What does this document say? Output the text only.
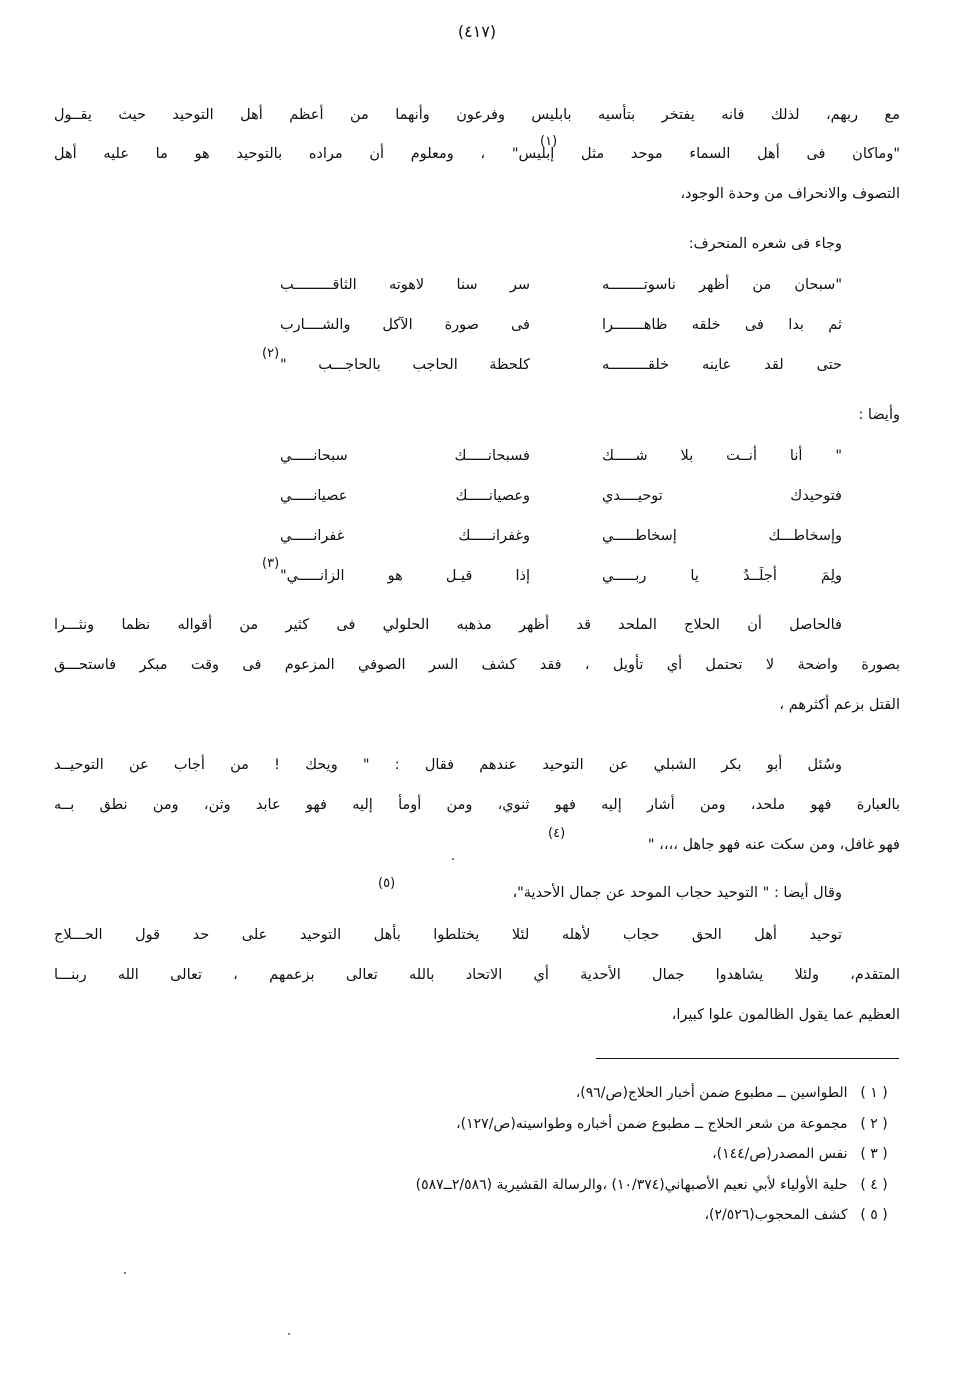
(٤١٧)
مع ربهم، لذلك فانه يفتخر بتأسيه بابليس وفرعون وأنهما من أعظم أهل التوحيد حيث يقــول
"وماكان فى أهل السماء موحد مثل إبليس" ، ومعلوم أن مراده بالتوحيد هو ما عليه أهل
(١)
التصوف والانحراف من وحدة الوجود،
وجاء فى شعره المنحرف:
"سبحان من أظهر ناسوتــــــــه
سر سنا لاهوته الثاقـــــــــب
ثم بدا فى خلقه ظاهـــــــرا
فى صورة الآكل والشــــارب
حتى لقد عاينه خلقـــــــــه
كلحظة الحاجب بالحاجـــب "
(٢)
وأيضا :
" أنا أنــت بلا شـــــك
فسبحانـــــك سبحانـــــي
فتوحيدك توحيــــدي
وعصيانـــــك عصيانـــــي
وإسخاطـــك إسخاطـــــي
وغفرانـــــك غفرانـــــي
ولِمَ أجلَــدُ يا ربـــــي
إذا قيـل هو الزانـــــي"
(٣)
فالحاصل أن الحلاج الملحد قد أظهر مذهبه الحلولي فى كثير من أقواله نظما ونثـــرا
بصورة واضحة لا تحتمل أي تأويل ، فقد كشف السر الصوفي المزعوم فى وقت مبكر فاستحـــق
القتل بزعم أكثرهم ،
وسُئل أبو بكر الشبلي عن التوحيد عندهم فقال : " ويحك ! من أجاب عن التوحيــد
بالعبارة فهو ملحد، ومن أشار إليه فهو ثنوي، ومن أومأ إليه فهو عابد وثن، ومن نطق بــه
فهو غافل، ومن سكت عنه فهو جاهل ،،،، "
(٤)
وقال أيضا : " التوحيد حجاب الموحد عن جمال الأحدية"،
(٥)
توحيد أهل الحق حجاب لأهله لئلا يختلطوا بأهل التوحيد على حد قول الحـــلاج
المتقدم، ولئلا يشاهدوا جمال الأحدية أي الاتحاد بالله تعالى بزعمهم ، تعالى الله ربنـــا
العظيم عما يقول الظالمون علوا كبيرا،
( ١ ) الطواسين ــ مطبوع ضمن أخبار الحلاج(ص/٩٦)،
( ٢ ) مجموعة من شعر الحلاج ــ مطبوع ضمن أخباره وطواسينه(ص/١٢٧)،
( ٣ ) نفس المصدر(ص/١٤٤)،
( ٤ ) حلية الأولياء لأبي نعيم الأصبهاني(١٠/٣٧٤) ،والرسالة القشيرية (٢/٥٨٦ــ٥٨٧)
( ٥ ) كشف المحجوب(٢/٥٢٦)،
